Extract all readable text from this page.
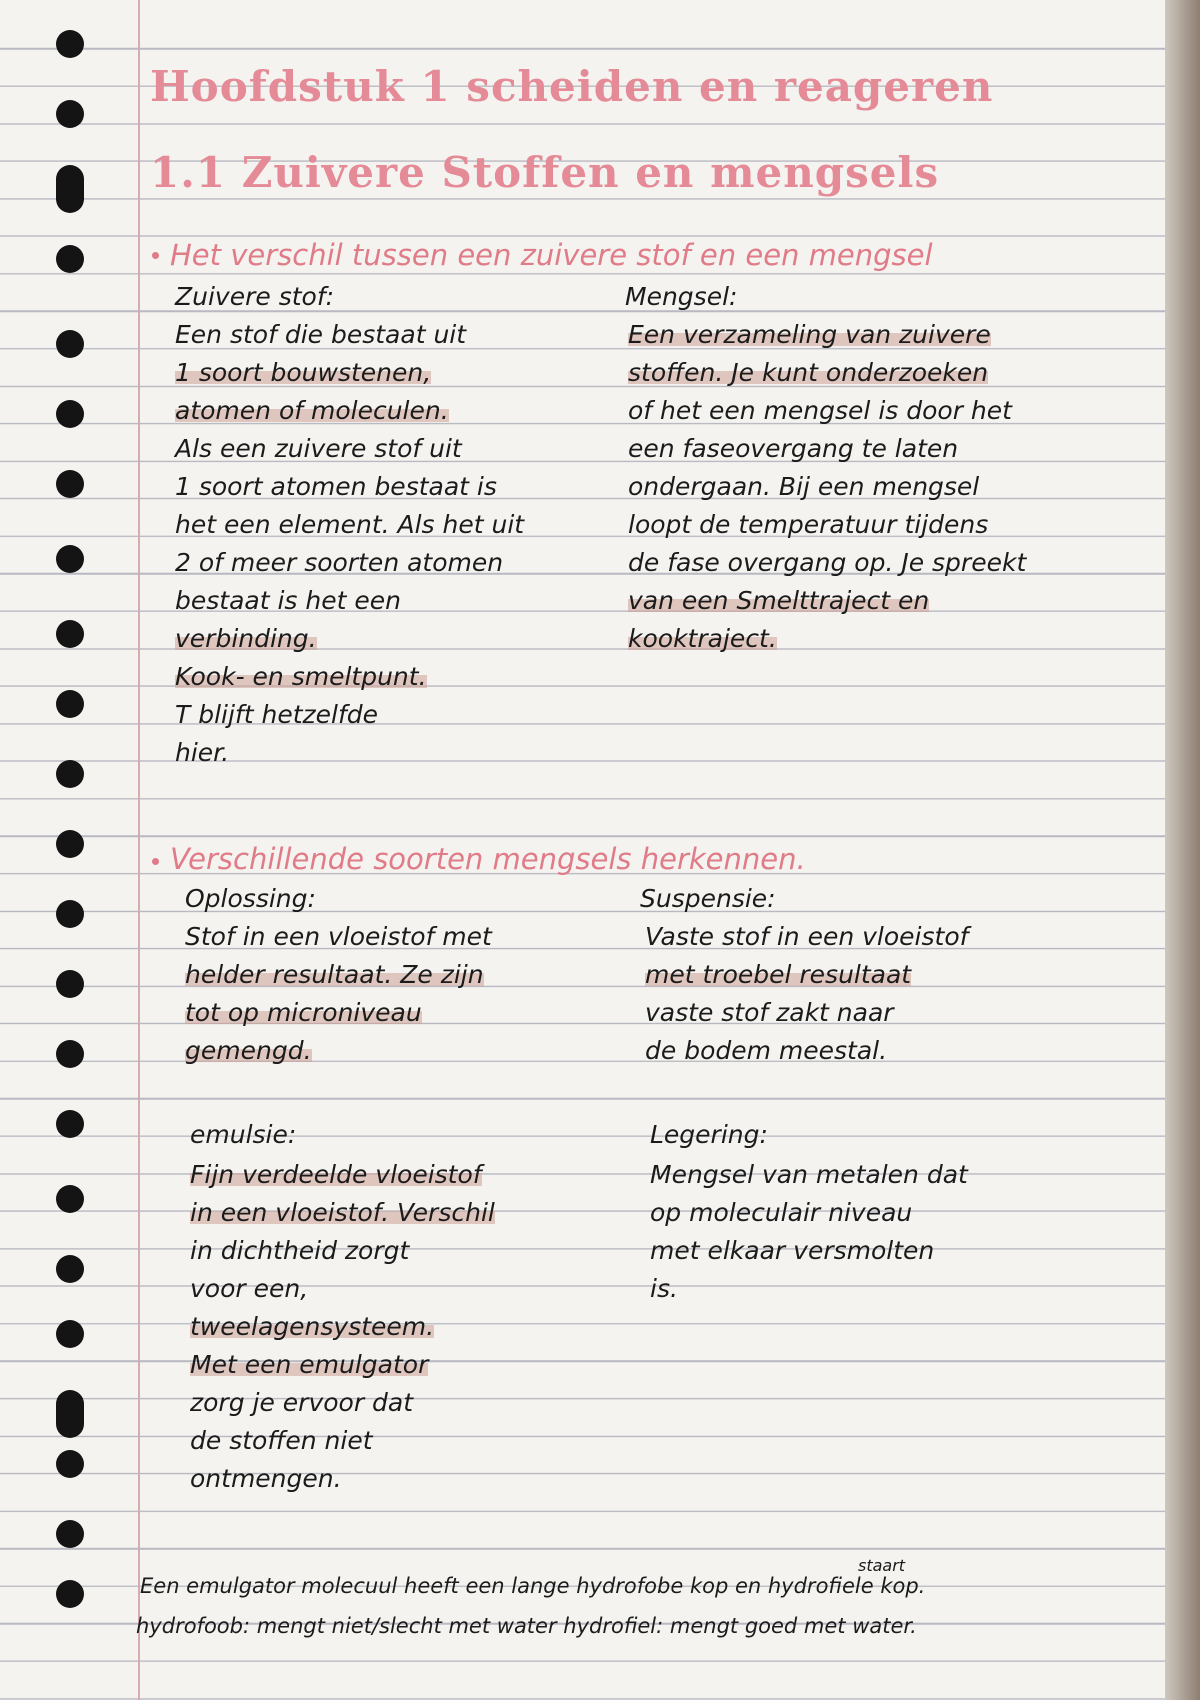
Hoofdstuk 1 scheiden en reageren
1.1 Zuivere Stoffen en mengsels
Het verschil tussen een zuivere stof en een mengsel
Zuivere stof:
Een stof die bestaat uit
1 soort bouwstenen,
atomen of moleculen.
Als een zuivere stof uit
1 soort atomen bestaat is
het een element. Als het uit
2 of meer soorten atomen
bestaat is het een
verbinding.
Kook- en smeltpunt.
T blijft hetzelfde
hier.
Mengsel:
Een verzameling van zuivere
stoffen. Je kunt onderzoeken
of het een mengsel is door het
een faseovergang te laten
ondergaan. Bij een mengsel
loopt de temperatuur tijdens
de fase overgang op. Je spreekt
van een Smelttraject en
kooktraject.
Verschillende soorten mengsels herkennen.
Oplossing:
Stof in een vloeistof met
helder resultaat. Ze zijn
tot op microniveau
gemengd.
Suspensie:
Vaste stof in een vloeistof
met troebel resultaat
vaste stof zakt naar
de bodem meestal.
emulsie:
Fijn verdeelde vloeistof
in een vloeistof. Verschil
in dichtheid zorgt
voor een,
tweelagensysteem.
Met een emulgator
zorg je ervoor dat
de stoffen niet
ontmengen.
Legering:
Mengsel van metalen dat
op moleculair niveau
met elkaar versmolten
is.
staart
Een emulgator molecuul heeft een lange hydrofobe kop en hydrofiele kop.
hydrofoob: mengt niet/slecht met water hydrofiel: mengt goed met water.
